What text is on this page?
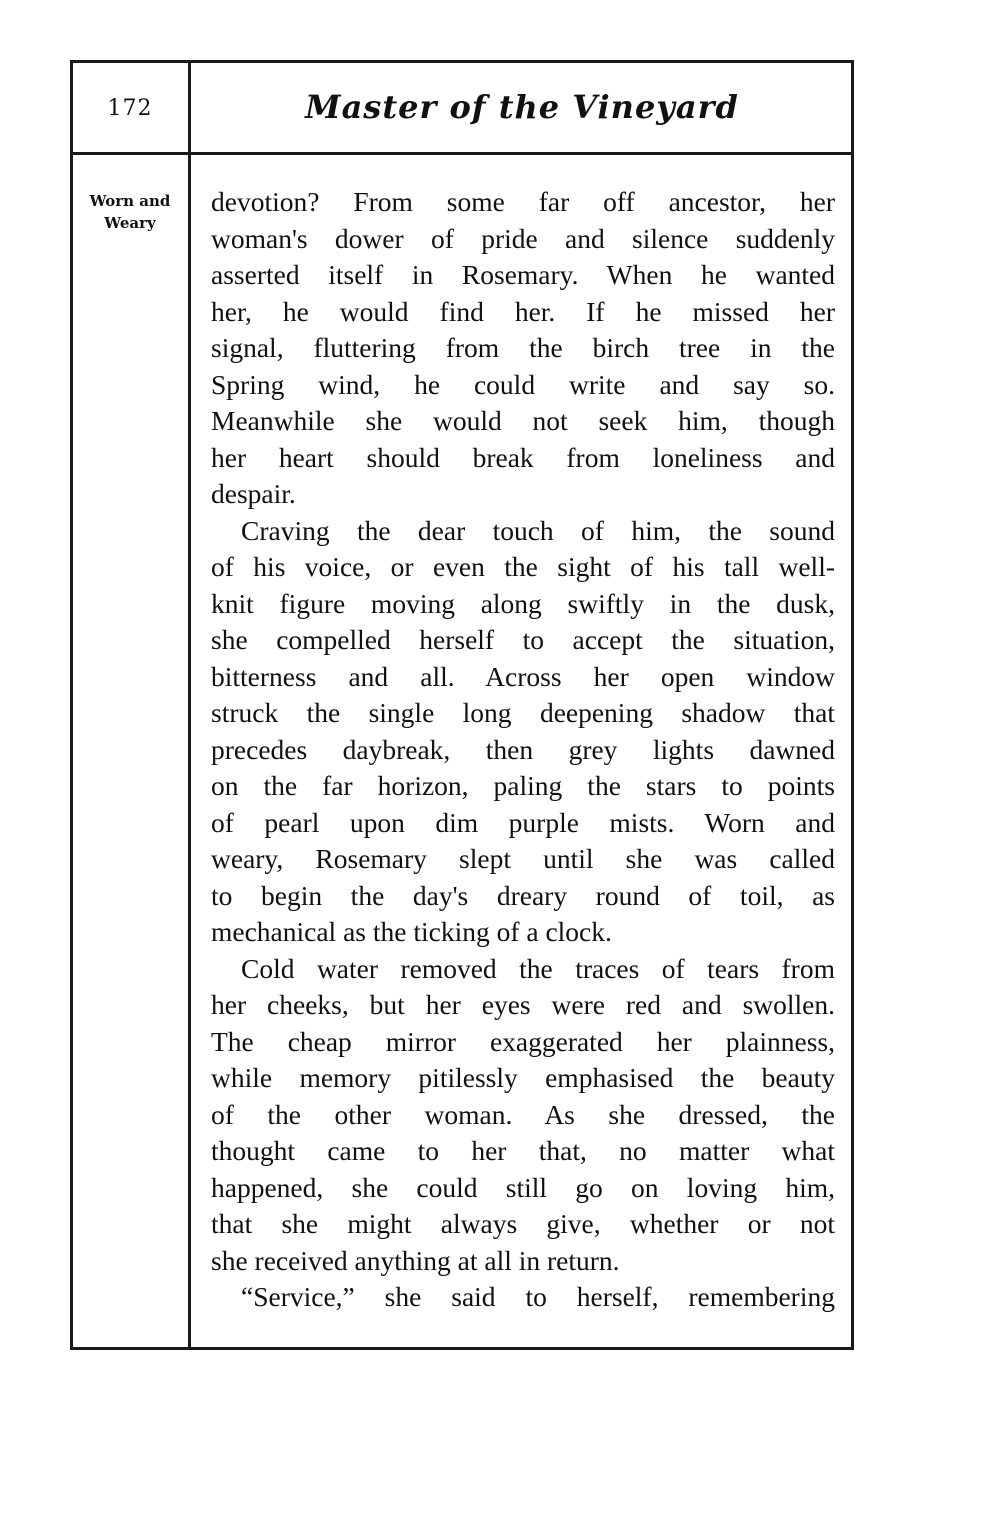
172	Master of the Vineyard
Worn and
Weary
devotion? From some far off ancestor, her
woman's dower of pride and silence suddenly
asserted itself in Rosemary. When he wanted
her, he would find her. If he missed her
signal, fluttering from the birch tree in the
Spring wind, he could write and say so.
Meanwhile she would not seek him, though
her heart should break from loneliness and
despair.
Craving the dear touch of him, the sound
of his voice, or even the sight of his tall well-
knit figure moving along swiftly in the dusk,
she compelled herself to accept the situation,
bitterness and all. Across her open window
struck the single long deepening shadow that
precedes daybreak, then grey lights dawned
on the far horizon, paling the stars to points
of pearl upon dim purple mists. Worn and
weary, Rosemary slept until she was called
to begin the day's dreary round of toil, as
mechanical as the ticking of a clock.
Cold water removed the traces of tears from
her cheeks, but her eyes were red and swollen.
The cheap mirror exaggerated her plainness,
while memory pitilessly emphasised the beauty
of the other woman. As she dressed, the
thought came to her that, no matter what
happened, she could still go on loving him,
that she might always give, whether or not
she received anything at all in return.
“Service,” she said to herself, remembering
